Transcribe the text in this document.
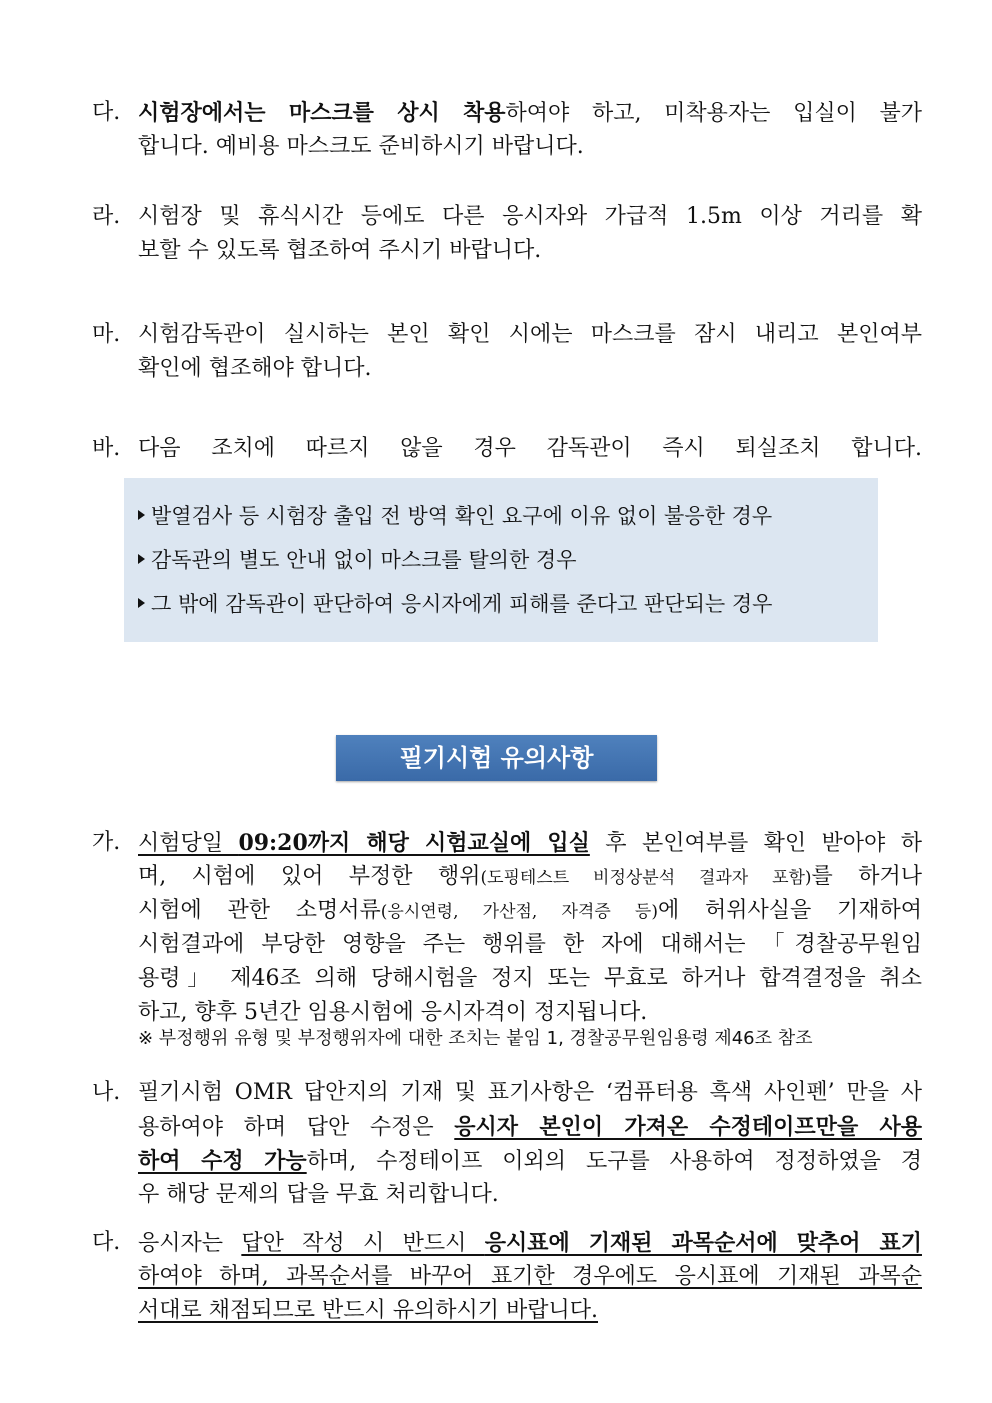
다. 시험장에서는 마스크를 상시 착용하여야 하고, 미착용자는 입실이 불가
합니다. 예비용 마스크도 준비하시기 바랍니다.
라. 시험장 및 휴식시간 등에도 다른 응시자와 가급적 1.5m 이상 거리를 확
보할 수 있도록 협조하여 주시기 바랍니다.
마. 시험감독관이 실시하는 본인 확인 시에는 마스크를 잠시 내리고 본인여부
확인에 협조해야 합니다.
바. 다음 조치에 따르지 않을 경우 감독관이 즉시 퇴실조치 합니다.
발열검사 등 시험장 출입 전 방역 확인 요구에 이유 없이 불응한 경우
감독관의 별도 안내 없이 마스크를 탈의한 경우
그 밖에 감독관이 판단하여 응시자에게 피해를 준다고 판단되는 경우
필기시험 유의사항
가. 시험당일 09:20까지 해당 시험교실에 입실 후 본인여부를 확인 받아야 하
며, 시험에 있어 부정한 행위(도핑테스트 비정상분석 결과자 포함)를 하거나
시험에 관한 소명서류(응시연령, 가산점, 자격증 등)에 허위사실을 기재하여
시험결과에 부당한 영향을 주는 행위를 한 자에 대해서는 「경찰공무원임
용령」 제46조 의해 당해시험을 정지 또는 무효로 하거나 합격결정을 취소
하고, 향후 5년간 임용시험에 응시자격이 정지됩니다.
나. 필기시험 OMR 답안지의 기재 및 표기사항은 ‘컴퓨터용 흑색 사인펜’ 만을 사
용하여야 하며 답안 수정은 응시자 본인이 가져온 수정테이프만을 사용
하여 수정 가능하며, 수정테이프 이외의 도구를 사용하여 정정하였을 경
우 해당 문제의 답을 무효 처리합니다.
다. 응시자는 답안 작성 시 반드시 응시표에 기재된 과목순서에 맞추어 표기
하여야 하며, 과목순서를 바꾸어 표기한 경우에도 응시표에 기재된 과목순
서대로 채점되므로 반드시 유의하시기 바랍니다.
※ 부정행위 유형 및 부정행위자에 대한 조치는 붙임 1, 경찰공무원임용령 제46조 참조
